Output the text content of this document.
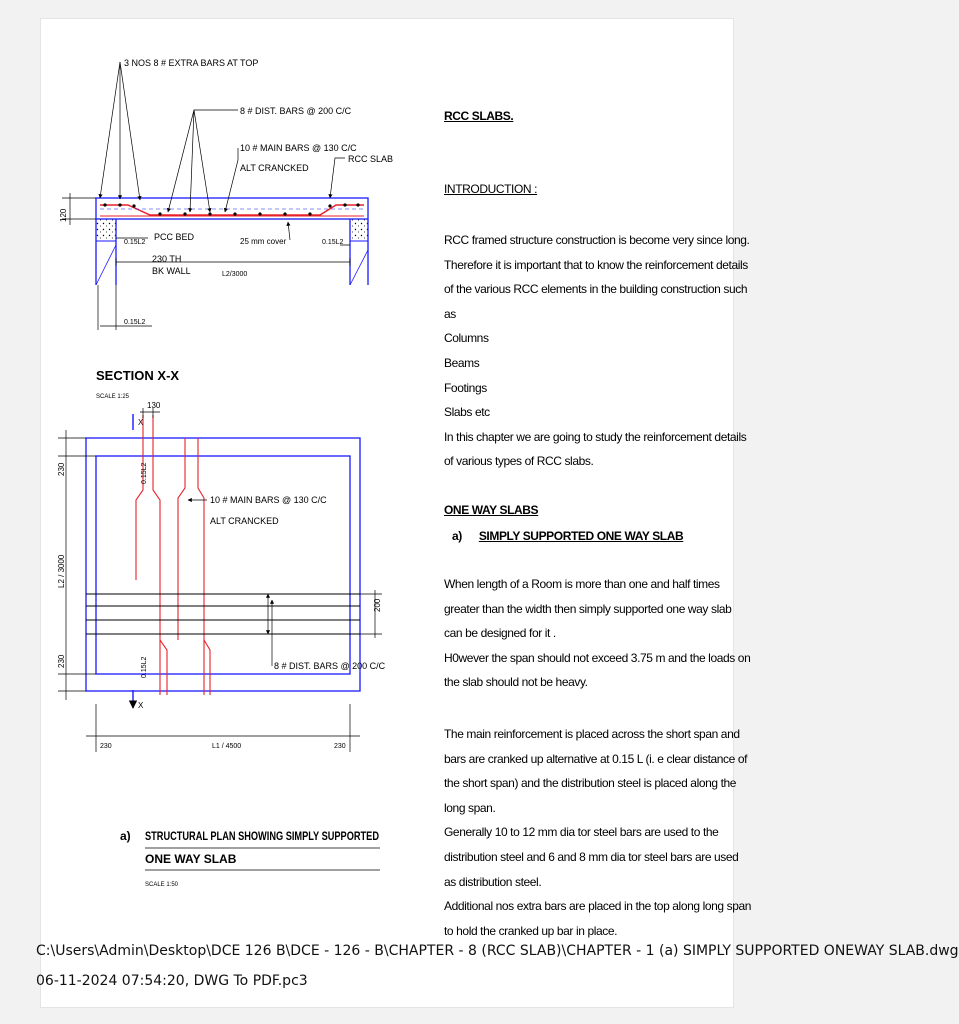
3 NOS 8 # EXTRA BARS AT TOP
8 # DIST. BARS @ 200 C/C
10 # MAIN BARS @ 130 C/C
ALT CRANCKED
RCC SLAB
120
0.15L2
PCC BED	25 mm cover	0.15L2
230 TH
BK WALL	L2/3000
0.15L2
SECTION X-X
SCALE 1:25
130
X
230
L2 / 3000
230
0.15L2
0.15L2
10 # MAIN BARS @ 130 C/C
ALT CRANCKED
200
8 # DIST. BARS @ 200 C/C
X
230	L1 / 4500	230
a) STRUCTURAL PLAN SHOWING SIMPLY SUPPORTED
ONE WAY SLAB
SCALE 1:50
RCC SLABS.
INTRODUCTION :

RCC framed structure construction is become very since long.

Therefore it is important that to know the reinforcement details

of the various RCC elements in the building construction such

as

Columns

Beams

Footings

Slabs etc

In this chapter we are going to study the reinforcement details

of various types of RCC slabs.

ONE WAY SLABS
a) SIMPLY SUPPORTED ONE WAY SLAB

When length of a Room is more than one and half times

greater than the width then simply supported one way slab

can be designed for it .

H0wever the span should not exceed 3.75 m and the loads on

the slab should not be heavy.

The main reinforcement is placed across the short span and

bars are cranked up alternative at 0.15 L (i. e clear distance of

the short span) and the distribution steel is placed along the

long span.

Generally 10 to 12 mm dia tor steel bars are used to the

distribution steel and 6 and 8 mm dia tor steel bars are used

as distribution steel.

Additional nos extra bars are placed in the top along long span

to hold the cranked up bar in place.

C:\Users\Admin\Desktop\DCE 126 B\DCE - 126 - B\CHAPTER - 8 (RCC SLAB)\CHAPTER - 1 (a) SIMPLY SUPPORTED ONEWAY SLAB.dwg
06-11-2024 07:54:20, DWG To PDF.pc3
